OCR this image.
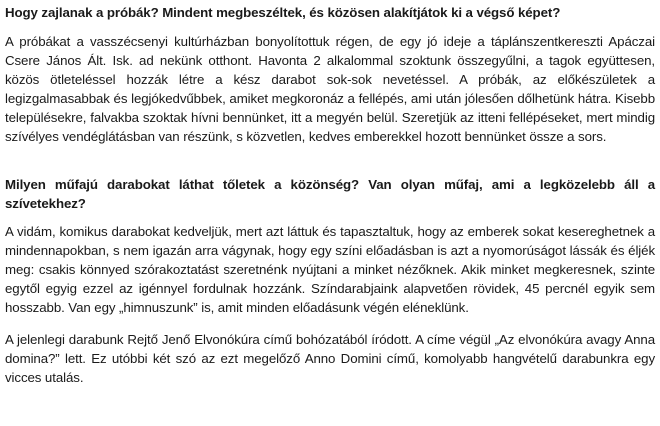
Hogy zajlanak a próbák? Mindent megbeszéltek, és közösen alakítjátok ki a végső képet?

A próbákat a vasszécsenyi kultúrházban bonyolítottuk régen, de egy jó ideje a táplánszentkereszti Apáczai Csere János Ált. Isk. ad nekünk otthont. Havonta 2 alkalommal szoktunk összegyűlni, a tagok együttesen, közös ötleteléssel hozzák létre a kész darabot sok-sok nevetéssel. A próbák, az előkészületek a legizgalmasabbak és legjókedvűbbek, amiket megkoronáz a fellépés, ami után jólesően dőlhetünk hátra. Kisebb településekre, falvakba szoktak hívni bennünket, itt a megyén belül. Szeretjük az itteni fellépéseket, mert mindig szívélyes vendéglátásban van részünk, s közvetlen, kedves emberekkel hozott bennünket össze a sors.

Milyen műfajú darabokat láthat tőletek a közönség? Van olyan műfaj, ami a legközelebb áll a szívetekhez?

A vidám, komikus darabokat kedveljük, mert azt láttuk és tapasztaltuk, hogy az emberek sokat kesereghetnek a mindennapokban, s nem igazán arra vágynak, hogy egy színi előadásban is azt a nyomorúságot lássák és éljék meg: csakis könnyed szórakoztatást szeretnénk nyújtani a minket nézőknek. Akik minket megkeresnek, szinte egytől egyig ezzel az igénnyel fordulnak hozzánk. Színdarabjaink alapvetően rövidek, 45 percnél egyik sem hosszabb. Van egy „himnuszunk” is, amit minden előadásunk végén eléneklünk.

A jelenlegi darabunk Rejtő Jenő Elvonókúra című bohózatából íródott. A címe végül „Az elvonókúra avagy Anna domina?” lett. Ez utóbbi két szó az ezt megelőző Anno Domini című, komolyabb hangvételű darabunkra egy vicces utalás.
